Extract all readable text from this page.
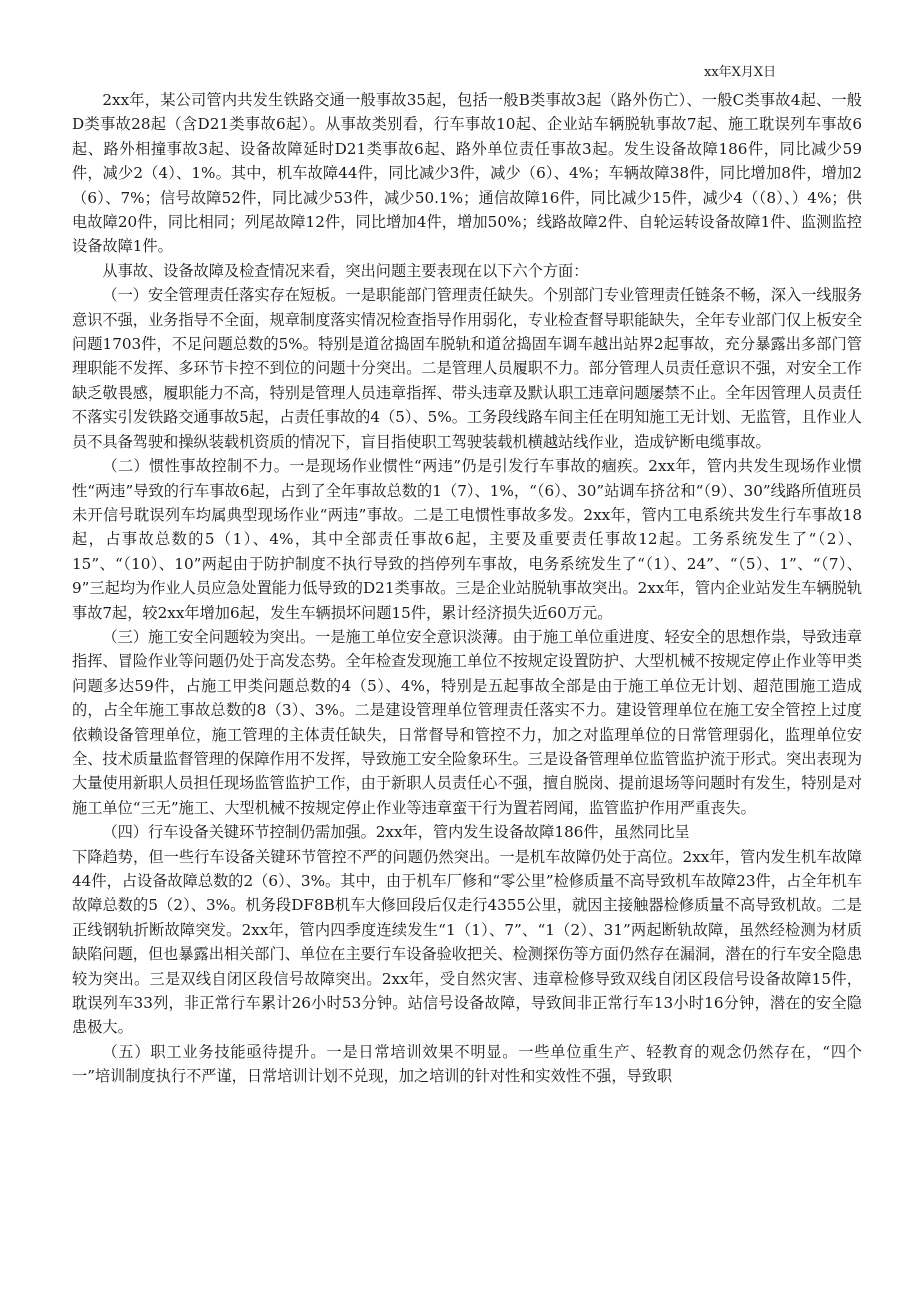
xx年X月X日

2xx年，某公司管内共发生铁路交通一般事故35起，包括一般B类事故3起（路外伤亡）、一般C类事故4起、一般D类事故28起（含D21类事故6起）。从事故类别看，行车事故10起、企业站车辆脱轨事故7起、施工耽误列车事故6起、路外相撞事故3起、设备故障延时D21类事故6起、路外单位责任事故3起。发生设备故障186件，同比减少59件，减少2（4）、1%。其中，机车故障44件，同比减少3件，减少（6）、4%；车辆故障38件，同比增加8件，增加2（6）、7%；信号故障52件，同比减少53件，减少50.1%；通信故障16件，同比减少15件，减少4（（8）、）4%；供电故障20件，同比相同；列尾故障12件，同比增加4件，增加50%；线路故障2件、自轮运转设备故障1件、监测监控设备故障1件。

从事故、设备故障及检查情况来看，突出问题主要表现在以下六个方面：

（一）安全管理责任落实存在短板。一是职能部门管理责任缺失。个别部门专业管理责任链条不畅，深入一线服务意识不强，业务指导不全面，规章制度落实情况检查指导作用弱化，专业检查督导职能缺失，全年专业部门仅上板安全问题1703件，不足问题总数的5%。特别是道岔捣固车脱轨和道岔捣固车调车越出站界2起事故，充分暴露出多部门管理职能不发挥、多环节卡控不到位的问题十分突出。二是管理人员履职不力。部分管理人员责任意识不强，对安全工作缺乏敬畏感，履职能力不高，特别是管理人员违章指挥、带头违章及默认职工违章问题屡禁不止。全年因管理人员责任不落实引发铁路交通事故5起，占责任事故的4（5）、5%。工务段线路车间主任在明知施工无计划、无监管，且作业人员不具备驾驶和操纵装载机资质的情况下，盲目指使职工驾驶装载机横越站线作业，造成铲断电缆事故。

（二）惯性事故控制不力。一是现场作业惯性“两违”仍是引发行车事故的痼疾。2xx年，管内共发生现场作业惯性“两违”导致的行车事故6起，占到了全年事故总数的1（7）、1%，“（6）、30”站调车挤岔和“（9）、30”线路所值班员未开信号耽误列车均属典型现场作业“两违”事故。二是工电惯性事故多发。2xx年，管内工电系统共发生行车事故18起，占事故总数的5（1）、4%，其中全部责任事故6起，主要及重要责任事故12起。工务系统发生了“（2）、15”、“（10）、10”两起由于防护制度不执行导致的挡停列车事故，电务系统发生了“（1）、24”、“（5）、1”、“（7）、9”三起均为作业人员应急处置能力低导致的D21类事故。三是企业站脱轨事故突出。2xx年，管内企业站发生车辆脱轨事故7起，较2xx年增加6起，发生车辆损坏问题15件，累计经济损失近60万元。

（三）施工安全问题较为突出。一是施工单位安全意识淡薄。由于施工单位重进度、轻安全的思想作祟，导致违章指挥、冒险作业等问题仍处于高发态势。全年检查发现施工单位不按规定设置防护、大型机械不按规定停止作业等甲类问题多达59件，占施工甲类问题总数的4（5）、4%，特别是五起事故全部是由于施工单位无计划、超范围施工造成的，占全年施工事故总数的8（3）、3%。二是建设管理单位管理责任落实不力。建设管理单位在施工安全管控上过度依赖设备管理单位，施工管理的主体责任缺失，日常督导和管控不力，加之对监理单位的日常管理弱化，监理单位安全、技术质量监督管理的保障作用不发挥，导致施工安全险象环生。三是设备管理单位监管监护流于形式。突出表现为大量使用新职人员担任现场监管监护工作，由于新职人员责任心不强，擅自脱岗、提前退场等问题时有发生，特别是对施工单位“三无”施工、大型机械不按规定停止作业等违章蛮干行为置若罔闻，监管监护作用严重丧失。

（四）行车设备关键环节控制仍需加强。2xx年，管内发生设备故障186件，虽然同比呈

下降趋势，但一些行车设备关键环节管控不严的问题仍然突出。一是机车故障仍处于高位。2xx年，管内发生机车故障44件，占设备故障总数的2（6）、3%。其中，由于机车厂修和“零公里”检修质量不高导致机车故障23件，占全年机车故障总数的5（2）、3%。机务段DF8B机车大修回段后仅走行4355公里，就因主接触器检修质量不高导致机故。二是正线钢轨折断故障突发。2xx年，管内四季度连续发生“1（1）、7”、“1（2）、31”两起断轨故障，虽然经检测为材质缺陷问题，但也暴露出相关部门、单位在主要行车设备验收把关、检测探伤等方面仍然存在漏洞，潜在的行车安全隐患较为突出。三是双线自闭区段信号故障突出。2xx年，受自然灾害、违章检修导致双线自闭区段信号设备故障15件，耽误列车33列，非正常行车累计26小时53分钟。站信号设备故障，导致间非正常行车13小时16分钟，潜在的安全隐患极大。

（五）职工业务技能亟待提升。一是日常培训效果不明显。一些单位重生产、轻教育的观念仍然存在，“四个一”培训制度执行不严谨，日常培训计划不兑现，加之培训的针对性和实效性不强，导致职
